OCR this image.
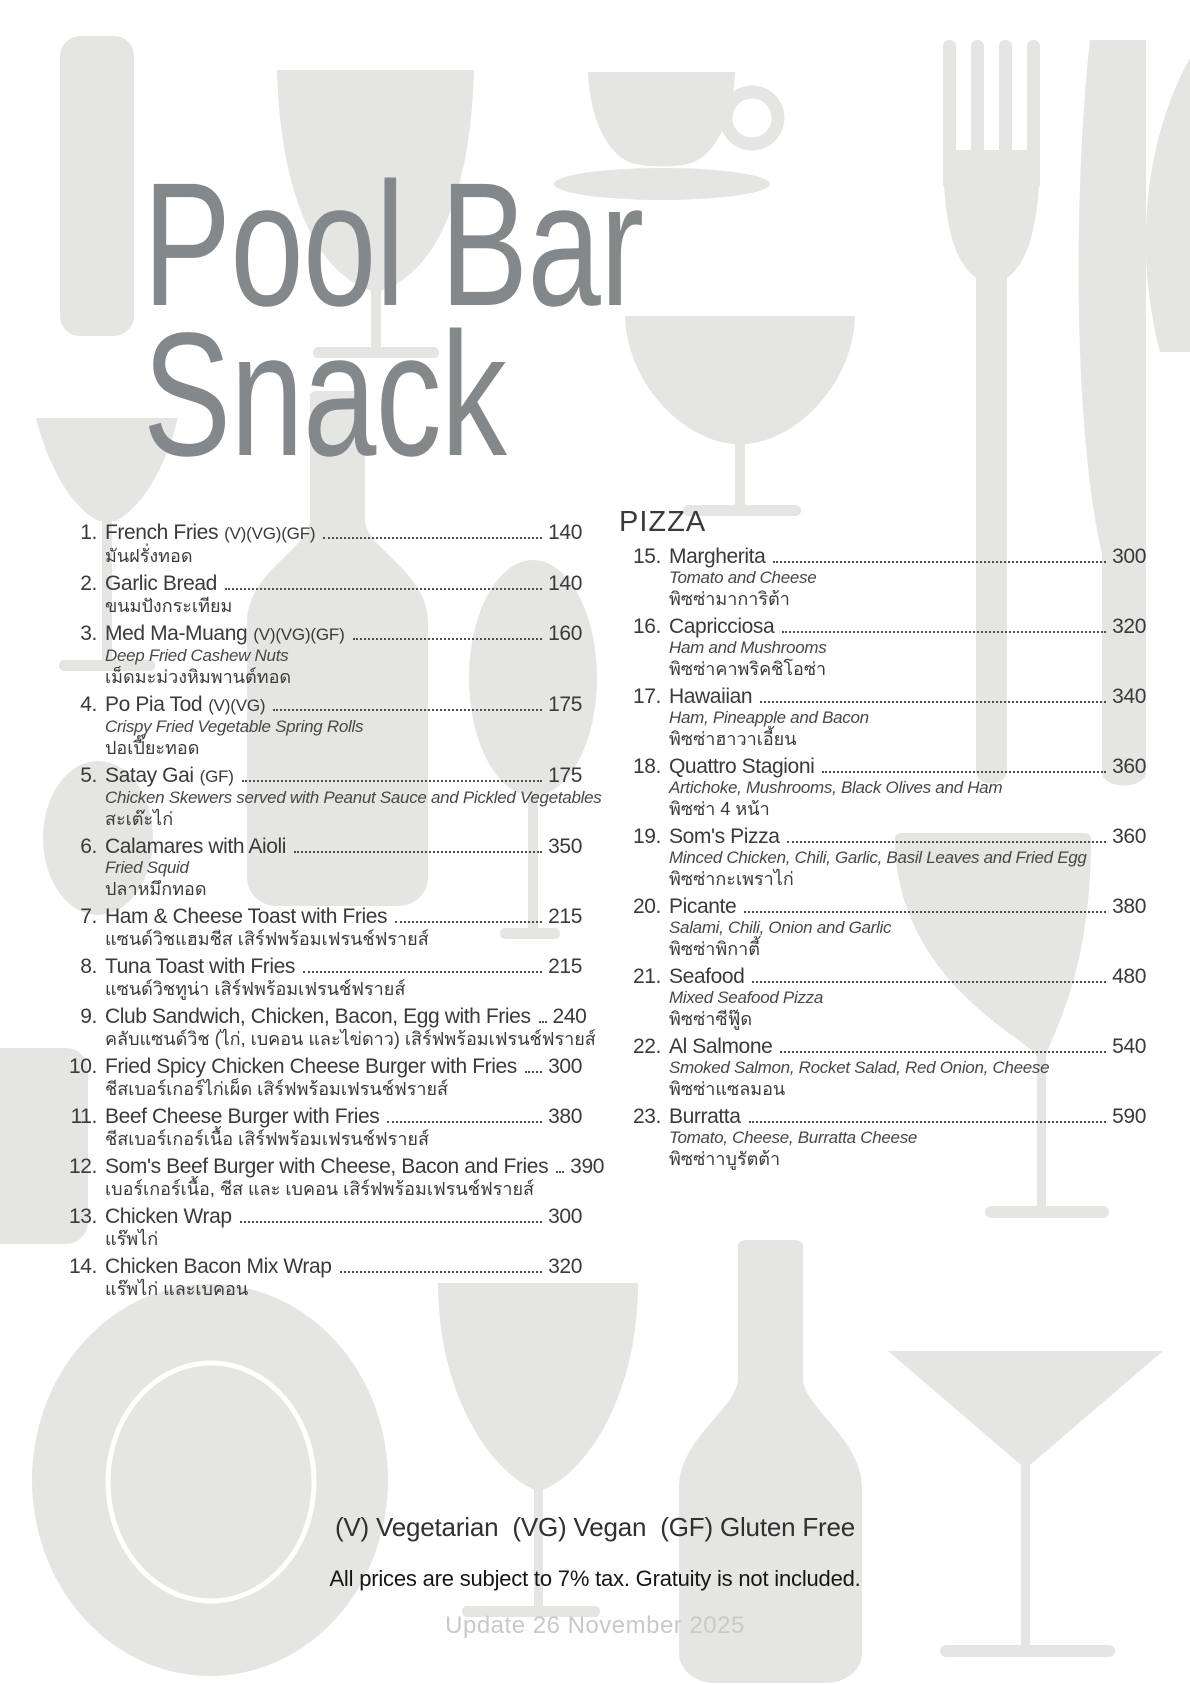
Pool Bar
Snack
1. French Fries (V)(VG)(GF)	140
มันฝรั่งทอด
2. Garlic Bread	140
ขนมปังกระเทียม
3. Med Ma-Muang (V)(VG)(GF)	160
Deep Fried Cashew Nuts
เม็ดมะม่วงหิมพานต์ทอด
4. Po Pia Tod (V)(VG)	175
Crispy Fried Vegetable Spring Rolls
ปอเปี๊ยะทอด
5. Satay Gai (GF)	175
Chicken Skewers served with Peanut Sauce and Pickled Vegetables
สะเต๊ะไก่
6. Calamares with Aioli	350
Fried Squid
ปลาหมึกทอด
7. Ham & Cheese Toast with Fries	215
แซนด์วิชแฮมชีส เสิร์ฟพร้อมเฟรนช์ฟรายส์
8. Tuna Toast with Fries	215
แซนด์วิชทูน่า เสิร์ฟพร้อมเฟรนช์ฟรายส์
9. Club Sandwich, Chicken, Bacon, Egg with Fries 240
คลับแซนด์วิช (ไก่, เบคอน และไข่ดาว) เสิร์ฟพร้อมเฟรนช์ฟรายส์
10. Fried Spicy Chicken Cheese Burger with Fries 300
ชีสเบอร์เกอร์ไก่เผ็ด เสิร์ฟพร้อมเฟรนช์ฟรายส์
11. Beef Cheese Burger with Fries	380
ชีสเบอร์เกอร์เนื้อ เสิร์ฟพร้อมเฟรนช์ฟรายส์
12. Som's Beef Burger with Cheese, Bacon and Fries 390
เบอร์เกอร์เนื้อ, ชีส และ เบคอน เสิร์ฟพร้อมเฟรนช์ฟรายส์
13. Chicken Wrap	300
แร๊พไก่
14. Chicken Bacon Mix Wrap	320
แร๊พไก่ และเบคอน
PIZZA
15. Margherita	300
Tomato and Cheese
พิซซ่ามาการิต้า
16. Capricciosa	320
Ham and Mushrooms
พิซซ่าคาพริคชิโอซ่า
17. Hawaiian	340
Ham, Pineapple and Bacon
พิซซ่าฮาวาเอี้ยน
18. Quattro Stagioni	360
Artichoke, Mushrooms, Black Olives and Ham
พิซซ่า 4 หน้า
19. Som's Pizza	360
Minced Chicken, Chili, Garlic, Basil Leaves and Fried Egg
พิซซ่ากะเพราไก่
20. Picante	380
Salami, Chili, Onion and Garlic
พิซซ่าพิกาตี้
21. Seafood	480
Mixed Seafood Pizza
พิซซ่าซีฟู๊ด
22. Al Salmone	540
Smoked Salmon, Rocket Salad, Red Onion, Cheese
พิซซ่าแซลมอน
23. Burratta	590
Tomato, Cheese, Burratta Cheese
พิซซ่าาบูรัตต้า
(V) Vegetarian  (VG) Vegan  (GF) Gluten Free
All prices are subject to 7% tax. Gratuity is not included.
Update 26 November 2025
